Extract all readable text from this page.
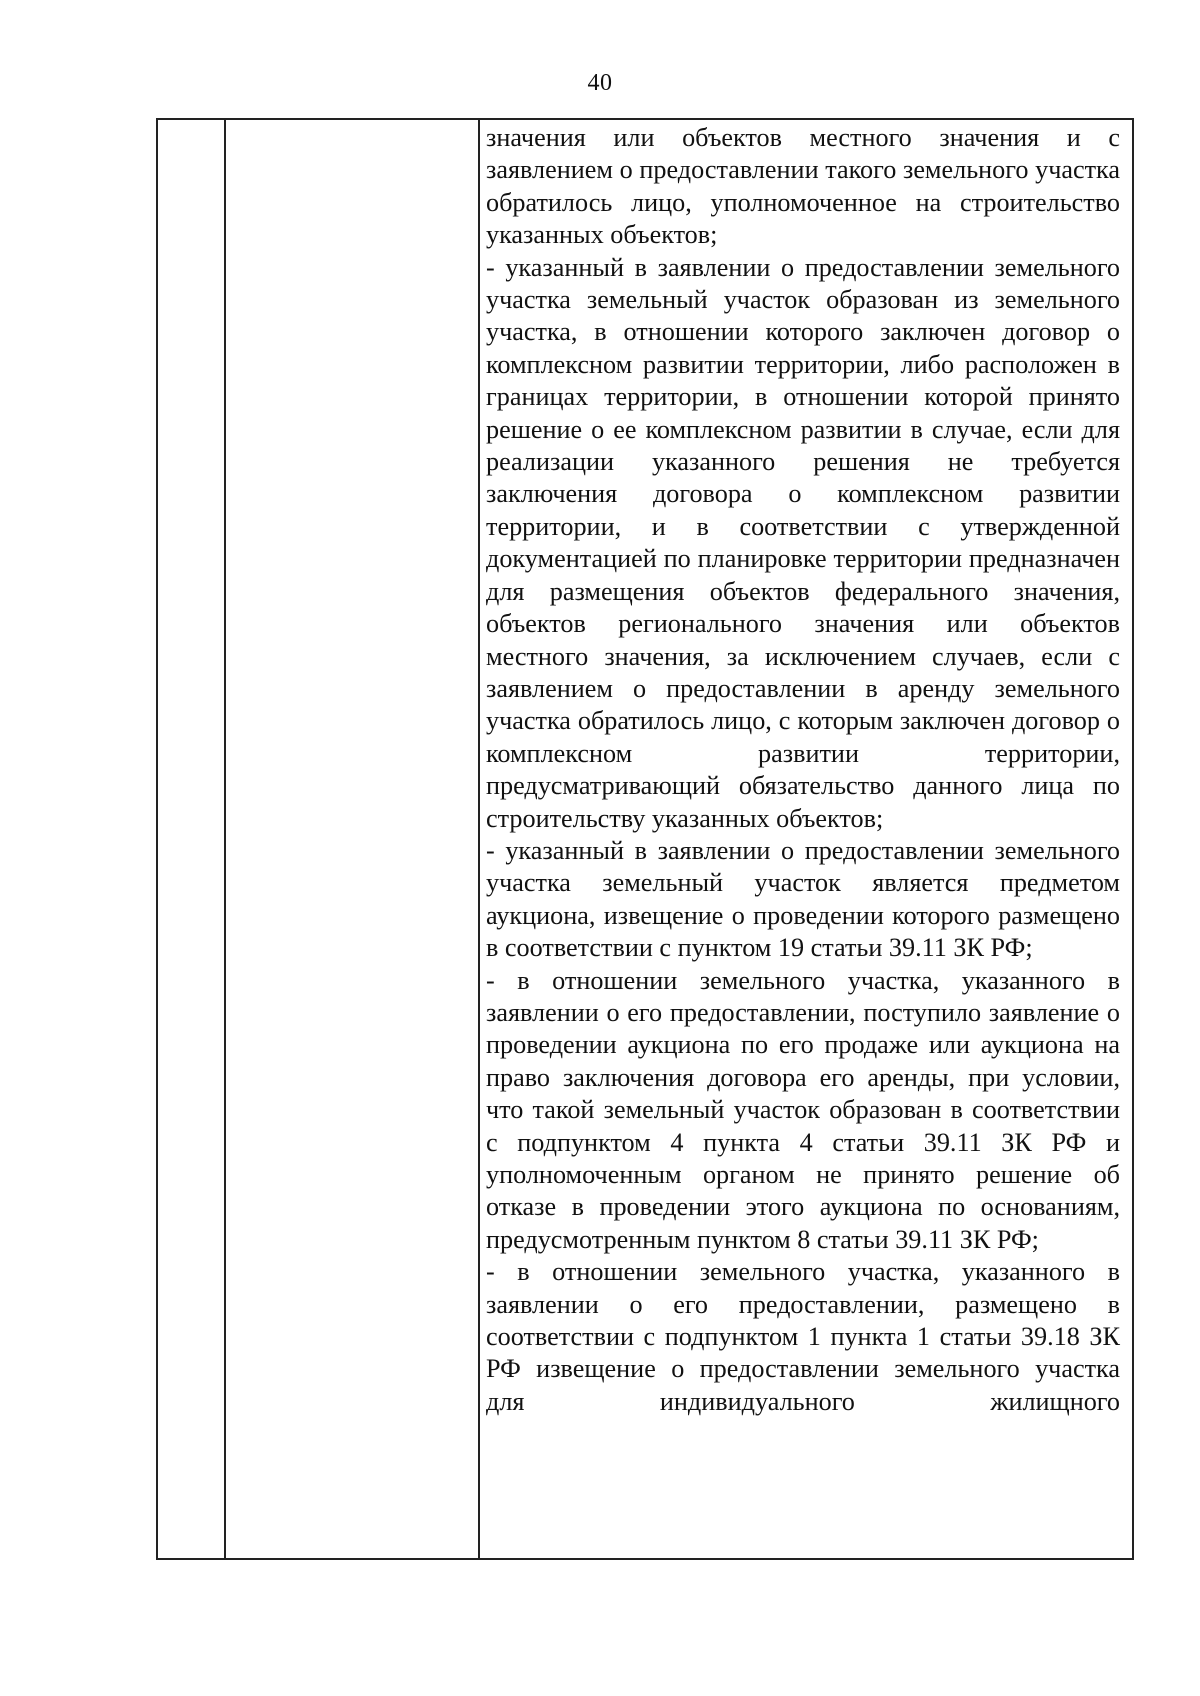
40

значения или объектов местного значения и с заявлением о предоставлении такого земельного участка обратилось лицо, уполномоченное на строительство указанных объектов;

- указанный в заявлении о предоставлении земельного участка земельный участок образован из земельного участка, в отношении которого заключен договор о комплексном развитии территории, либо расположен в границах территории, в отношении которой принято решение о ее комплексном развитии в случае, если для реализации указанного решения не требуется заключения договора о комплексном развитии территории, и в соответствии с утвержденной документацией по планировке территории предназначен для размещения объектов федерального значения, объектов регионального значения или объектов местного значения, за исключением случаев, если с заявлением о предоставлении в аренду земельного участка обратилось лицо, с которым заключен договор о комплексном развитии территории, предусматривающий обязательство данного лица по строительству указанных объектов;

- указанный в заявлении о предоставлении земельного участка земельный участок является предметом аукциона, извещение о проведении которого размещено в соответствии с пунктом 19 статьи 39.11 ЗК РФ;

- в отношении земельного участка, указанного в заявлении о его предоставлении, поступило заявление о проведении аукциона по его продаже или аукциона на право заключения договора его аренды, при условии, что такой земельный участок образован в соответствии с подпунктом 4 пункта 4 статьи 39.11 ЗК РФ и уполномоченным органом не принято решение об отказе в проведении этого аукциона по основаниям, предусмотренным пунктом 8 статьи 39.11 ЗК РФ;

- в отношении земельного участка, указанного в заявлении о его предоставлении, размещено в соответствии с подпунктом 1 пункта 1 статьи 39.18 ЗК РФ извещение о предоставлении земельного участка для индивидуального жилищного
